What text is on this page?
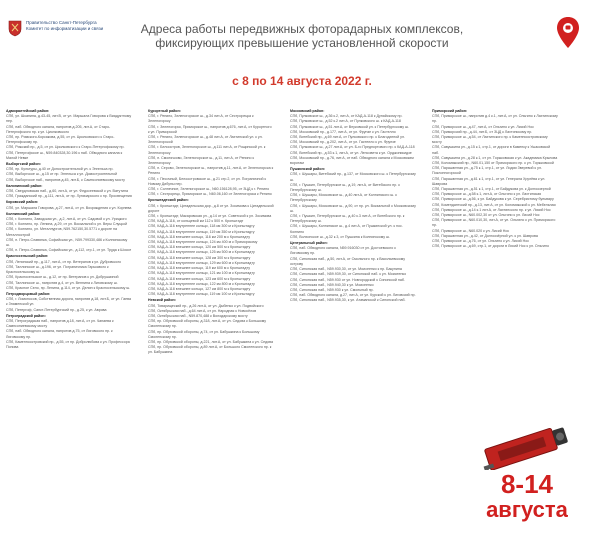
Правительство Санкт-Петербурга
Комитет по информатизации и связи	Адреса работы передвижных фоторадарных комплексов,
фиксирующих превышение установленной скорости
с 8 по 14 августа 2022 г.
Адмиралтейский район:
СПб, ул. Шкапина, д.43-45, лит.В, от ул. Маршала Говорова к Виадуктному пер.
СПб, наб. Обводного канала, напротив д.205, лит.А, от Старо-Петергофского пр. к ул. Циолковского
СПб, пр. Римского-Корсакова, д.55, от ул. Циолковского к Старо-Петергофскому пр.
СПб, Рижский пр., д.5, от ул. Циолковского к Старо-Петергофскому пр.
СПб, Петергофское ш., N59.840328,30.196 к наб. Обводного канала к Малой Невке
Выборгский район:
СПб, пр. Культуры, д.40 от Доностроительной ул. к Энгельса пр.
СПб, Выборгское ш., д.15 от пр. Энгельса к ул. Домостроительной
СПб, Выборгское наб., напротив д.45, лит.Б, к Сампсониевскому мосту
Калининский район:
СПб, Свердловская наб., д.60, лит.А, от ул. Федосеевской к ул. Ватутина
СПб, Гражданский пр., д.111, лит.А, от пр. Луначарского к пр. Просвещения
Кировский район:
СПб, ул. Маршала Говорова, д.27, лит.А, от ул. Возрождения к ул. Корнева
Колпинский район:
СПб, г. Колпино, Заводская ул., д.2, лит.А, от ул. Садовой к ул. Урицкого
СПб, г. Колпино, пр. Ленина, д.29, от ул. Вокзальной к ул. Веры Слуцкой
СПб, г. Колпино, ул. Металлургов, N59.762150,30.5771 к дороге на Металлострой
СПб, п. Петро-Славянка, Софийская ул., N59.799330,486 к Колпинскому ш.
СПб, п. Петро-Славянка, Софийская ул., д.112, стр.1, от ул. Труда к Шоссе
Красносельский район:
СПб, Ленинский пр., д.117, лит.А, от пр. Ветеранов к ул. Дубровского
СПб, Таллинское ш., д.196, от ул. Пограничника Гарькавого к Красносельскому ш.
СПб, Красносельское ш., д.12, от пр. Ветеранов к ул. Добрушкиной
СПб, Таллинское ш., напротив д.4, от ул. Веннина к Лиговскому ш.
СПб, Красное Село, пр. Ленина, д.114, от ул. Делин к Красносельскому ш.
Петродворцовый район:
СПб, г. Ломоносов, Собственная дорога, напротив д.18, лит.Б, от ул. Гаева к Знаменской ул.
СПб, Петергоф, Санкт-Петербургский пр., д.25, к ул. Аврова
Петроградский район:
СПб, Петроградская наб., напротив д.18, лит.А, от ул. Чапаева к Сампсониевскому мосту
СПб, наб. Обводного канала, напротив д.75, от Лиговского пр. к Лиговскому пр.
СПб, Каменноостровский пр., д.55, от пр. Добролюбова к ул. Профессора Попова
Курортный район:
СПб, г. Репино, Зеленогорское ш., д.34 лит.А, от Сестрорецка к Зеленогорску
СПб, г. Зеленогорск, Приморское ш., напротив д.676, лит.А, от Курортного к ул. Приморской
СПб, г. Репино, Зеленогорское ш., д.48 лит.А, от Лахтинской ул. к ул. Зеленогорской
СПб, г. Белоостров, Зеленогорское ш., д.111 лит.А, от Рощинской ул. к Зеленогорску
СПб, п. Смолячково, Зеленогорское ш., д.11, лит.А, от Репино к Зеленогорску
СПб, п. Серово, Зеленогорское ш., напротив д.11, лит.А, от Зеленогорска к Репино
СПб, г. Песочный, Белоостровское ш., д.21 стр.2, от ул. Пограничной к Новому Дибуны пер.
СПб, г. Солнечное, Зеленогорское ш., N60.156128,95, от ЗЦД к г. Репино
СПб, г. Сестрорецк, Приморское ш., N60.06,160 от Зеленогорска к Репино
Кронштадтский район:
СПб, г. Кронштадт, Цитадельская дор., д.8 от ул. Зосимова к Цитадельской дороге
СПб, г. Кронштадт, Макаровская ул., д.14 от ул. Советской к ул. Зосимова
СПб, КАД-А-116, от кольцевой км 112 к 500 п. Кронштадт
СПб, КАД-А-116 внутреннее кольцо, 118 км 300 м к Кронштадту
СПб, КАД-А-116 внутреннее кольцо, 119 км 350 м к Кронштадту
СПб, КАД-А-118 внешнее кольцо, 116 км 200 м к Кронштадту
СПб, КАД-А-118 внутреннее кольцо, 124 км 400 м к Приморскому
СПб, КАД-А-118 внешнее кольцо, 120 км 500 м к Кронштадту
СПб, КАД-А-118 внутреннее кольцо, 125 км 500 м к Кронштадту
СПб, КАД-А-118 внешнее кольцо, 128 км 300 м к Кронштадту
СПб, КАД-А-118 внутреннее кольцо, 129 км 600 м к Кронштадту
СПб, КАД-А-118 внешнее кольцо, 119 км 600 м к Кронштадту
СПб, КАД-А-118 внутреннее кольцо, 121 км 100 м к Кронштадту
СПб, КАД-А-118 внешнее кольцо, 123 км 600 м к Кронштадту
СПб, КАД-А-118 внутреннее кольцо, 122 км 800 м к Кронштадту
СПб, КАД-А-118 внешнее кольцо, 127 км 800 м к Кронштадту
СПб, КАД-А-118 внутреннее кольцо, 119 км 100 м к Кронштадту
Невский район:
СПб, Товарищеский пр., д.26 лит.А, от ул. Дыбенко к ул. Подвойского
СПб, Октябрьская наб., д.64 лит.А, от ул. Народная к Новосёлов
СПб, Октябрьская наб., N59.870,488 к Володарскому мосту
СПб, пр. Обуховской обороны, д.318, лит.А, от ул. Седова к Большому Смоленскому пр.
СПб, пр. Обуховской обороны, д.74, от ул. Бабушкина к Большому Смоленскому пр.
СПб, пр. Обуховской обороны, д.221, лит.А, от ул. Бабушкина к ул. Седова
СПб, пр. Обуховской обороны, д.89 лит.А, от Большого Смоленского пр. к ул. Бабушкина
Московский район:
СПб, Пулковское ш., д.36 к.2, лит.А, от КАД-А-118 к Дунайскому пр.
СПб, Пулковское ш., д.52 к.2 лит.А, от Пулковского ш. к КАД-А-118
СПб, Пулковское ш., д.51 лит.А, от Внуковской ул. к Петербургскому ш.
СПб, Московский пр., д.177, лит.А, от ул. Фрунзе к ул. Гастелло
СПб, Витебский пр., д.69 лит.А, от Пулковского пр. к Благодатной ул.
СПб, Московский пр., д.202, лит.А, от ул. Гастелло к ул. Фрунзе
СПб, Пулковское ш., д.27 лит.А, от ул. Б-го Предпортового пр. к КАД-А-118
СПб, Витебский пр., д.53 к.1, лит.А, от ул. Ленсовета к ул. Орджоникидзе
СПб, Московский пр., д.76, лит.А, от наб. Обводного канала к Московским воротам
Пушкинский район:
СПб, г. Шушары, Витебский пр., д.137, от Московского ш. к Петербургскому ш.
СПб, г. Пушкин, Петербургское ш., д.19, лит.А, от Витебского пр. к Петербургскому ш.
СПб, г. Шушары, Московское ш., д.40 лит.А, от Колпинского ш. к Петербургскому
СПб, г. Шушары, Московское ш., д.90, от пр. ул. Вокзальной к Московскому ш.
СПб, г. Пушкин, Петербургское ш., д.40 к.3 лит.А, от Витебского пр. к Петербургскому ш.
СПб, г. Шушары, Колпинское ш., д.4 лит.А, от Пушкинской ул. к пос. Колпино
СПб, Волхонское ш., д.32 к.3, от Пушкина к Колпинскому ш.
Центральный район:
СПб, наб. Обводного канала, N59.916030 от ул. Достоевского к Лиговскому пр.
СПб, Синопская наб., д.50, лит.А, от Смольного пр. к Васильевскому острову
СПб, Синопская наб., N59.930,30, от ул. Моисеенко к пр. Бакунина
СПб, Синопская наб., N59.939,30, от Синопской наб. к ул. Моисеенко
СПб, Синопская наб., N59.930 от ул. Новгородской к Синопской наб.
СПб, Синопская наб., N59.940,30 к ул. Моисеенко
СПб, Синопская наб., N59.930 к ул. Смольный пр.
СПб, наб. Обводного канала, д.27, лит.А, от ул. Курской к ул. Лиговский пр.
СПб, Синопская наб., N59.935,30, к ул. Атаманской к Синопской наб.
Приморский район:
СПб, Приморское ш., напротив д.4 к.1, лит.А, от ул. Ольгино к Лахтинскому пр.
СПб, Приморское ш., д.47, лит.А, от Ольгино к ул. Лисий Нос
СПб, Приморский пр., д.44, лит.Б, от ЗЦД к Лахтинскому пр.
СПб, Приморское ш., д.54, от Лахтинского пр. к Каменноостровскому мосту
СПб, Савушкина ул., д.15 к.1, стр.1, от дороги в Каменку к Ушаковской наб.
СПб, Савушкина ул., д.28 к.1, от ул. Торжковская к ул. Академика Крылова
СПб, Коломяжский пр., N60.01,150 от Приморского пр. к ул. Торжковской
СПб, Парашютная ул., д.75 к.1, стр.1, от ул. Лидии Зверевой к ул. Поклонногорской
СПб, Парашютная ул., д.61 к.1, стр.1, от ул. Генерала Хрулёва к ул. Шаврова
СПб, Парашютная ул., д.51 к.1, стр.1, от Байдукова ул. к Долгоозерной
СПб, Приморское ш., д.58 к.1, лит.А, от Ольгино к ул. Лахтинская
СПб, Приморское ш., д.56, к ул. Байдукова к ул. Серебристому бульвару
СПб, Комендантский пр., д.13, лит.А, от ул. Коломяжской к ул. Мебельная
СПб, Приморское ш., д.14 к.1 лит.А, от Лахтинского пр. к ул. Лисий Нос
СПб, Приморское ш., N60.002,30 от ул. Ольгино к ул. Лисий Нос
СПб, Приморское ш., N60.010,30, лит.А, от ул. Ольгино к ул. Приморского пр.
СПб, Приморское ш., N60.020 к ул. Лисий Нос
СПб, Парашютная ул., д.42, от Долгоозёрной ул. к ул. Шаврова
СПб, Приморское ш., д.76, от ул. Ольгино к ул. Лисий Нос
СПб, Приморское ш., д.69, стр.1, от дороги в Лисий Нос к ул. Ольгино
8-14
августа
